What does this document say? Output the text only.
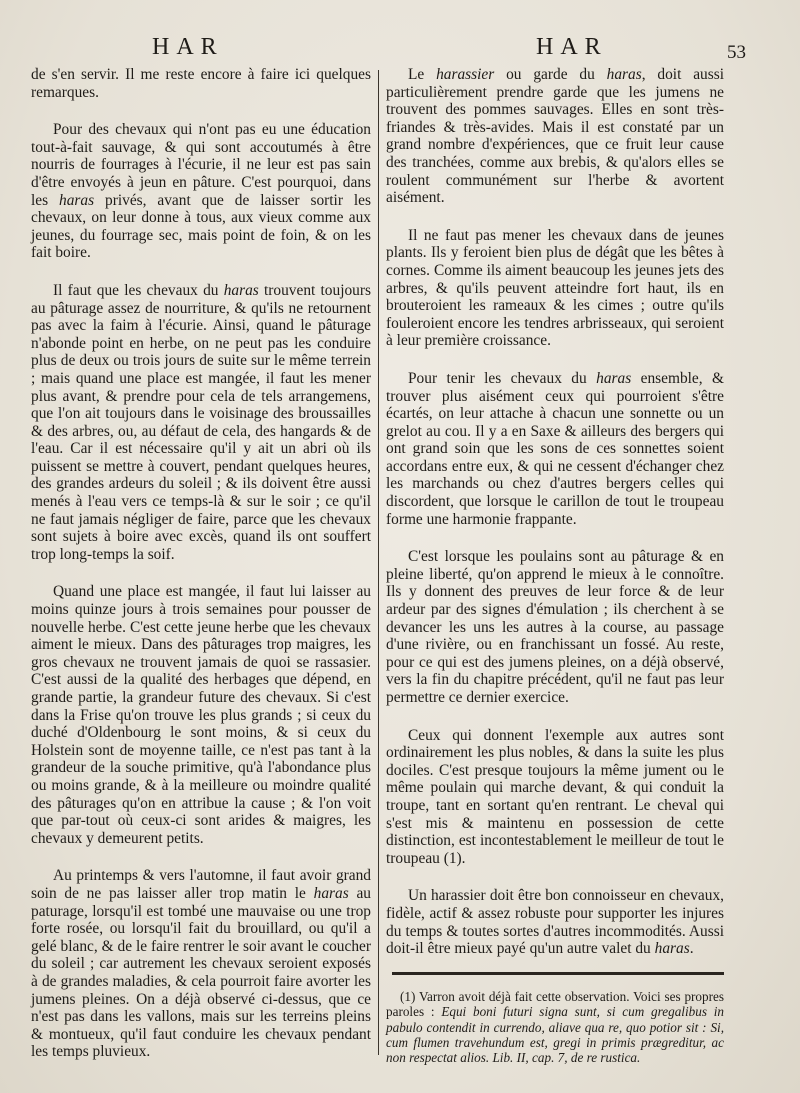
HAR	HAR	53

de s'en servir. Il me reste encore à faire ici quelques remarques.

Pour des chevaux qui n'ont pas eu une éducation tout-à-fait sauvage, & qui sont accoutumés à être nourris de fourrages à l'écurie, il ne leur est pas sain d'être envoyés à jeun en pâture. C'est pourquoi, dans les haras privés, avant que de laisser sortir les chevaux, on leur donne à tous, aux vieux comme aux jeunes, du fourrage sec, mais point de foin, & on les fait boire.

Il faut que les chevaux du haras trouvent toujours au pâturage assez de nourriture, & qu'ils ne retournent pas avec la faim à l'écurie. Ainsi, quand le pâturage n'abonde point en herbe, on ne peut pas les conduire plus de deux ou trois jours de suite sur le même terrein ; mais quand une place est mangée, il faut les mener plus avant, & prendre pour cela de tels arrangemens, que l'on ait toujours dans le voisinage des broussailles & des arbres, ou, au défaut de cela, des hangards & de l'eau. Car il est nécessaire qu'il y ait un abri où ils puissent se mettre à couvert, pendant quelques heures, des grandes ardeurs du soleil ; & ils doivent être aussi menés à l'eau vers ce temps-là & sur le soir ; ce qu'il ne faut jamais négliger de faire, parce que les chevaux sont sujets à boire avec excès, quand ils ont souffert trop long-temps la soif.

Quand une place est mangée, il faut lui laisser au moins quinze jours à trois semaines pour pousser de nouvelle herbe. C'est cette jeune herbe que les chevaux aiment le mieux. Dans des pâturages trop maigres, les gros chevaux ne trouvent jamais de quoi se rassasier. C'est aussi de la qualité des herbages que dépend, en grande partie, la grandeur future des chevaux. Si c'est dans la Frise qu'on trouve les plus grands ; si ceux du duché d'Oldenbourg le sont moins, & si ceux du Holstein sont de moyenne taille, ce n'est pas tant à la grandeur de la souche primitive, qu'à l'abondance plus ou moins grande, & à la meilleure ou moindre qualité des pâturages qu'on en attribue la cause ; & l'on voit que par-tout où ceux-ci sont arides & maigres, les chevaux y demeurent petits.

Au printemps & vers l'automne, il faut avoir grand soin de ne pas laisser aller trop matin le haras au paturage, lorsqu'il est tombé une mauvaise ou une trop forte rosée, ou lorsqu'il fait du brouillard, ou qu'il a gelé blanc, & de le faire rentrer le soir avant le coucher du soleil ; car autrement les chevaux seroient exposés à de grandes maladies, & cela pourroit faire avorter les jumens pleines. On a déjà observé ci-dessus, que ce n'est pas dans les vallons, mais sur les terreins pleins & montueux, qu'il faut conduire les chevaux pendant les temps pluvieux.

Le harassier ou garde du haras, doit aussi particulièrement prendre garde que les jumens ne trouvent des pommes sauvages. Elles en sont très-friandes & très-avides. Mais il est constaté par un grand nombre d'expériences, que ce fruit leur cause des tranchées, comme aux brebis, & qu'alors elles se roulent communément sur l'herbe & avortent aisément.

Il ne faut pas mener les chevaux dans de jeunes plants. Ils y feroient bien plus de dégât que les bêtes à cornes. Comme ils aiment beaucoup les jeunes jets des arbres, & qu'ils peuvent atteindre fort haut, ils en brouteroient les rameaux & les cimes ; outre qu'ils fouleroient encore les tendres arbrisseaux, qui seroient à leur première croissance.

Pour tenir les chevaux du haras ensemble, & trouver plus aisément ceux qui pourroient s'être écartés, on leur attache à chacun une sonnette ou un grelot au cou. Il y a en Saxe & ailleurs des bergers qui ont grand soin que les sons de ces sonnettes soient accordans entre eux, & qui ne cessent d'échanger chez les marchands ou chez d'autres bergers celles qui discordent, que lorsque le carillon de tout le troupeau forme une harmonie frappante.

C'est lorsque les poulains sont au pâturage & en pleine liberté, qu'on apprend le mieux à le connoître. Ils y donnent des preuves de leur force & de leur ardeur par des signes d'émulation ; ils cherchent à se devancer les uns les autres à la course, au passage d'une rivière, ou en franchissant un fossé. Au reste, pour ce qui est des jumens pleines, on a déjà observé, vers la fin du chapitre précédent, qu'il ne faut pas leur permettre ce dernier exercice.

Ceux qui donnent l'exemple aux autres sont ordinairement les plus nobles, & dans la suite les plus dociles. C'est presque toujours la même jument ou le même poulain qui marche devant, & qui conduit la troupe, tant en sortant qu'en rentrant. Le cheval qui s'est mis & maintenu en possession de cette distinction, est incontestablement le meilleur de tout le troupeau (1).

Un harassier doit être bon connoisseur en chevaux, fidèle, actif & assez robuste pour supporter les injures du temps & toutes sortes d'autres incommodités. Aussi doit-il être mieux payé qu'un autre valet du haras.

(1) Varron avoit déjà fait cette observation. Voici ses propres paroles : Equi boni futuri signa sunt, si cum gregalibus in pabulo contendit in currendo, aliave qua re, quo potior sit : Si, cum flumen travehundum est, gregi in primis prægreditur, ac non respectat alios. Lib. II, cap. 7, de re rustica.
